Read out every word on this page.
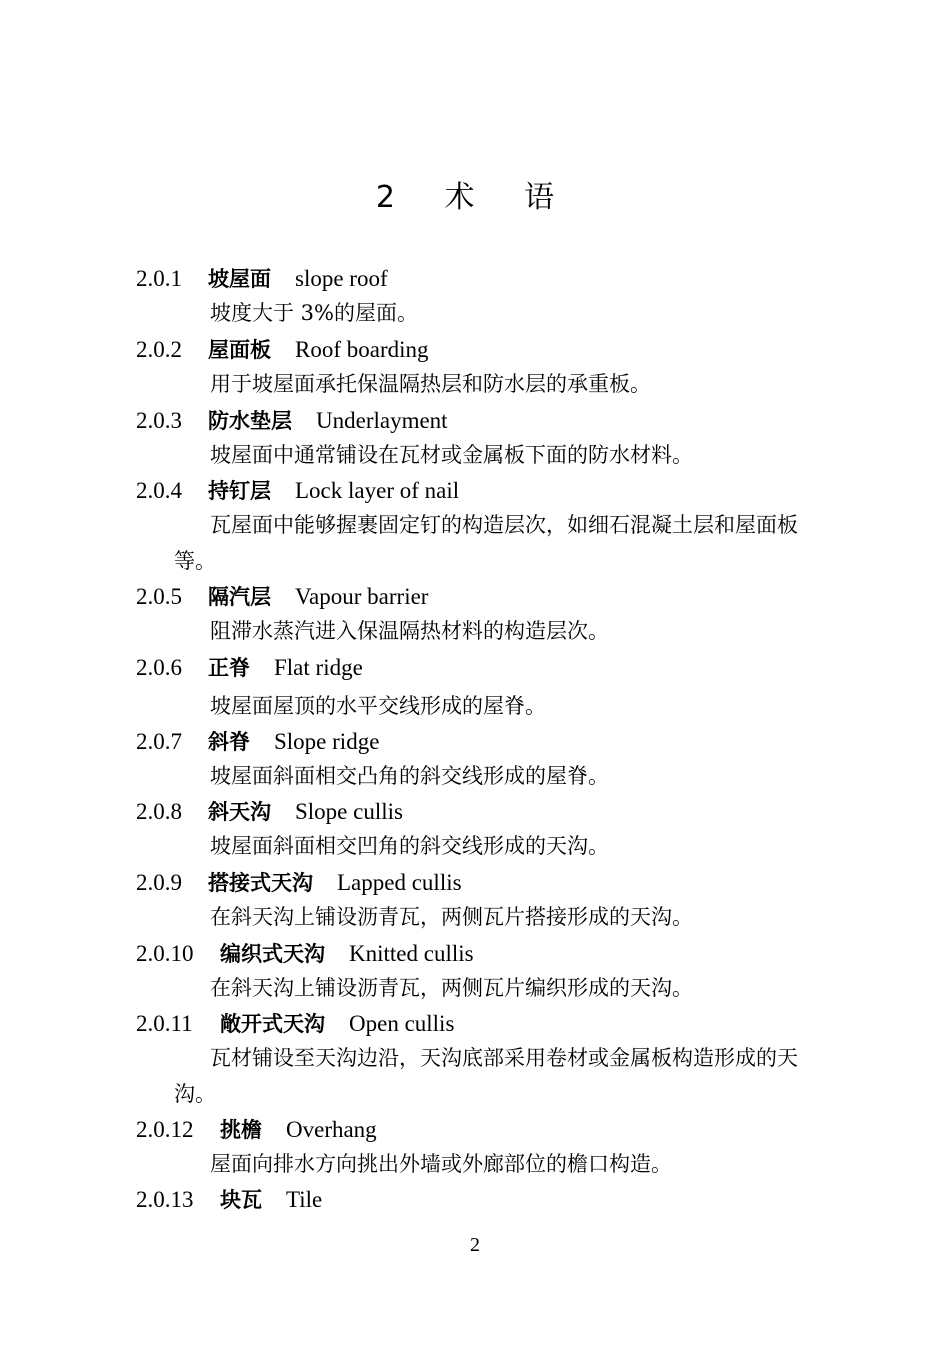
2 术 语
2.0.1 坡屋面 slope roof
坡度大于 3%的屋面。
2.0.2 屋面板 Roof boarding
用于坡屋面承托保温隔热层和防水层的承重板。
2.0.3 防水垫层 Underlayment
坡屋面中通常铺设在瓦材或金属板下面的防水材料。
2.0.4 持钉层 Lock layer of nail
瓦屋面中能够握裹固定钉的构造层次，如细石混凝土层和屋面板等。
2.0.5 隔汽层 Vapour barrier
阻滞水蒸汽进入保温隔热材料的构造层次。
2.0.6 正脊 Flat ridge
坡屋面屋顶的水平交线形成的屋脊。
2.0.7 斜脊 Slope ridge
坡屋面斜面相交凸角的斜交线形成的屋脊。
2.0.8 斜天沟 Slope cullis
坡屋面斜面相交凹角的斜交线形成的天沟。
2.0.9 搭接式天沟 Lapped cullis
在斜天沟上铺设沥青瓦，两侧瓦片搭接形成的天沟。
2.0.10 编织式天沟 Knitted cullis
在斜天沟上铺设沥青瓦，两侧瓦片编织形成的天沟。
2.0.11 敞开式天沟 Open cullis
瓦材铺设至天沟边沿，天沟底部采用卷材或金属板构造形成的天沟。
2.0.12 挑檐 Overhang
屋面向排水方向挑出外墙或外廊部位的檐口构造。
2.0.13 块瓦 Tile
2
